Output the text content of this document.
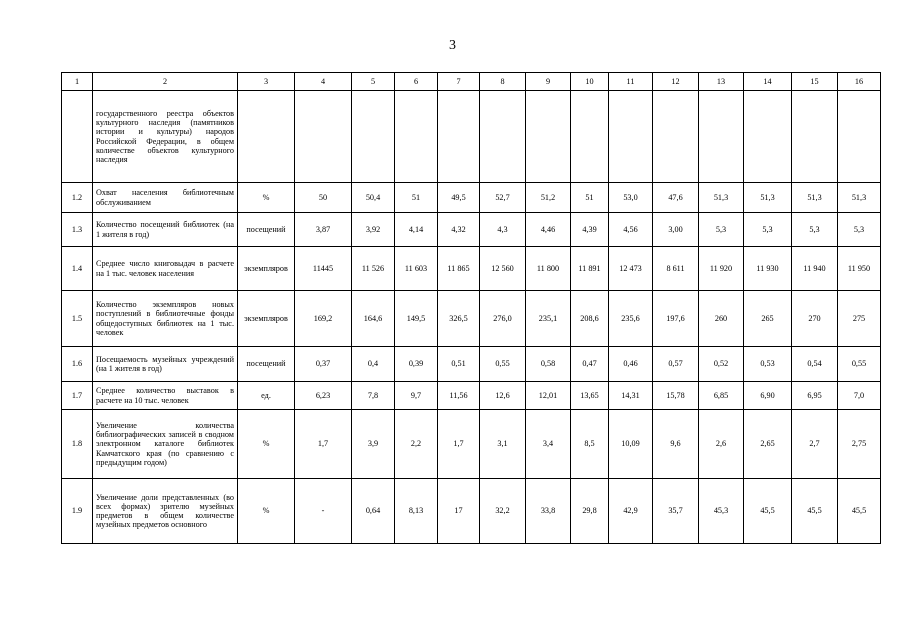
3
1	2	3	4	5	6	7	8	9	10	11	12	13	14	15	16
	государственного реестра объектов культурного наследия (памятников истории и культуры) народов Российской Федерации, в общем количестве объектов культурного наследия														
1.2	Охват населения библиотечным обслуживанием	%	50	50,4	51	49,5	52,7	51,2	51	53,0	47,6	51,3	51,3	51,3	51,3
1.3	Количество посещений библиотек (на 1 жителя в год)	посещений	3,87	3,92	4,14	4,32	4,3	4,46	4,39	4,56	3,00	5,3	5,3	5,3	5,3
1.4	Среднее число книговыдач в расчете на 1 тыс. человек населения	экземпляров	11445	11 526	11 603	11 865	12 560	11 800	11 891	12 473	8 611	11 920	11 930	11 940	11 950
1.5	Количество экземпляров новых поступлений в библиотечные фонды общедоступных библиотек на 1 тыс. человек	экземпляров	169,2	164,6	149,5	326,5	276,0	235,1	208,6	235,6	197,6	260	265	270	275
1.6	Посещаемость музейных учреждений (на 1 жителя в год)	посещений	0,37	0,4	0,39	0,51	0,55	0,58	0,47	0,46	0,57	0,52	0,53	0,54	0,55
1.7	Среднее количество выставок в расчете на 10 тыс. человек	ед.	6,23	7,8	9,7	11,56	12,6	12,01	13,65	14,31	15,78	6,85	6,90	6,95	7,0
1.8	Увеличение количества библиографических записей в сводном электронном каталоге библиотек Камчатского края (по сравнению с предыдущим годом)	%	1,7	3,9	2,2	1,7	3,1	3,4	8,5	10,09	9,6	2,6	2,65	2,7	2,75
1.9	Увеличение доли представленных (во всех формах) зрителю музейных предметов в общем количестве музейных предметов основного	%	-	0,64	8,13	17	32,2	33,8	29,8	42,9	35,7	45,3	45,5	45,5	45,5
